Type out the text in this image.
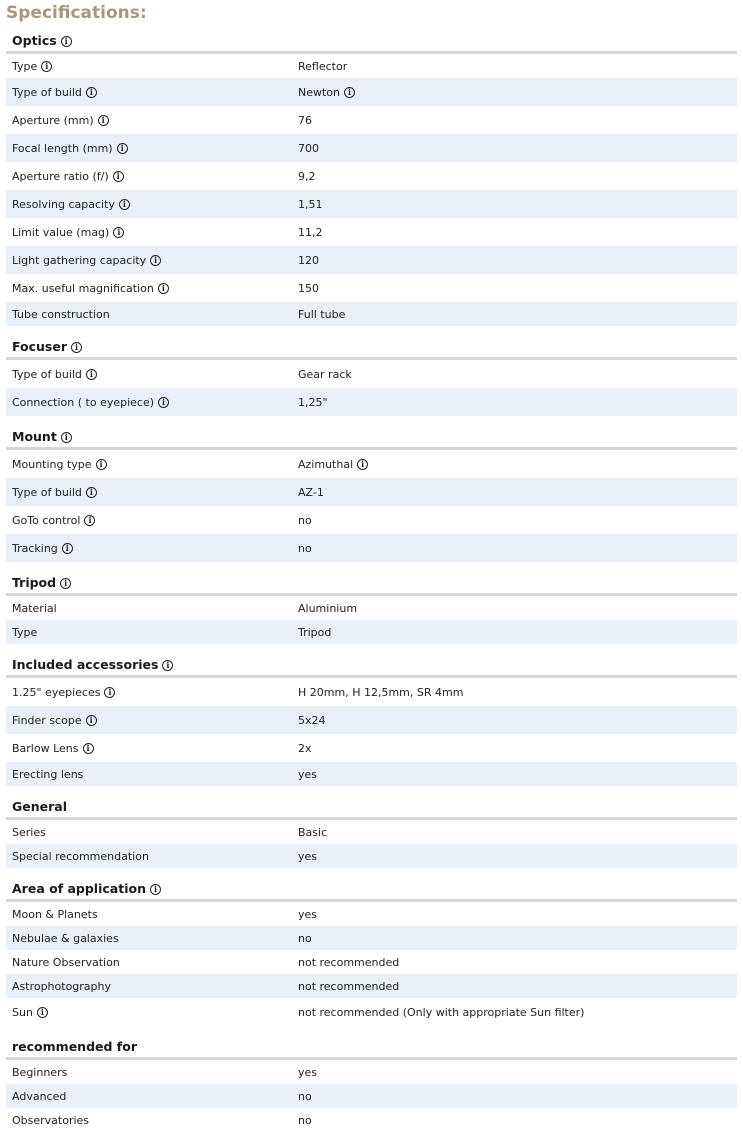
Specifications:
Optics i
Type i	Reflector
Type of build i	Newton i
Aperture (mm) i	76
Focal length (mm) i	700
Aperture ratio (f/) i	9,2
Resolving capacity i	1,51
Limit value (mag) i	11,2
Light gathering capacity i	120
Max. useful magnification i	150
Tube construction	Full tube
Focuser i
Type of build i	Gear rack
Connection ( to eyepiece) i	1,25"
Mount i
Mounting type i	Azimuthal i
Type of build i	AZ-1
GoTo control i	no
Tracking i	no
Tripod i
Material	Aluminium
Type	Tripod
Included accessories i
1.25" eyepieces i	H 20mm, H 12,5mm, SR 4mm
Finder scope i	5x24
Barlow Lens i	2x
Erecting lens	yes
General
Series	Basic
Special recommendation	yes
Area of application i
Moon & Planets	yes
Nebulae & galaxies	no
Nature Observation	not recommended
Astrophotography	not recommended
Sun i	not recommended (Only with appropriate Sun filter)
recommended for
Beginners	yes
Advanced	no
Observatories	no
